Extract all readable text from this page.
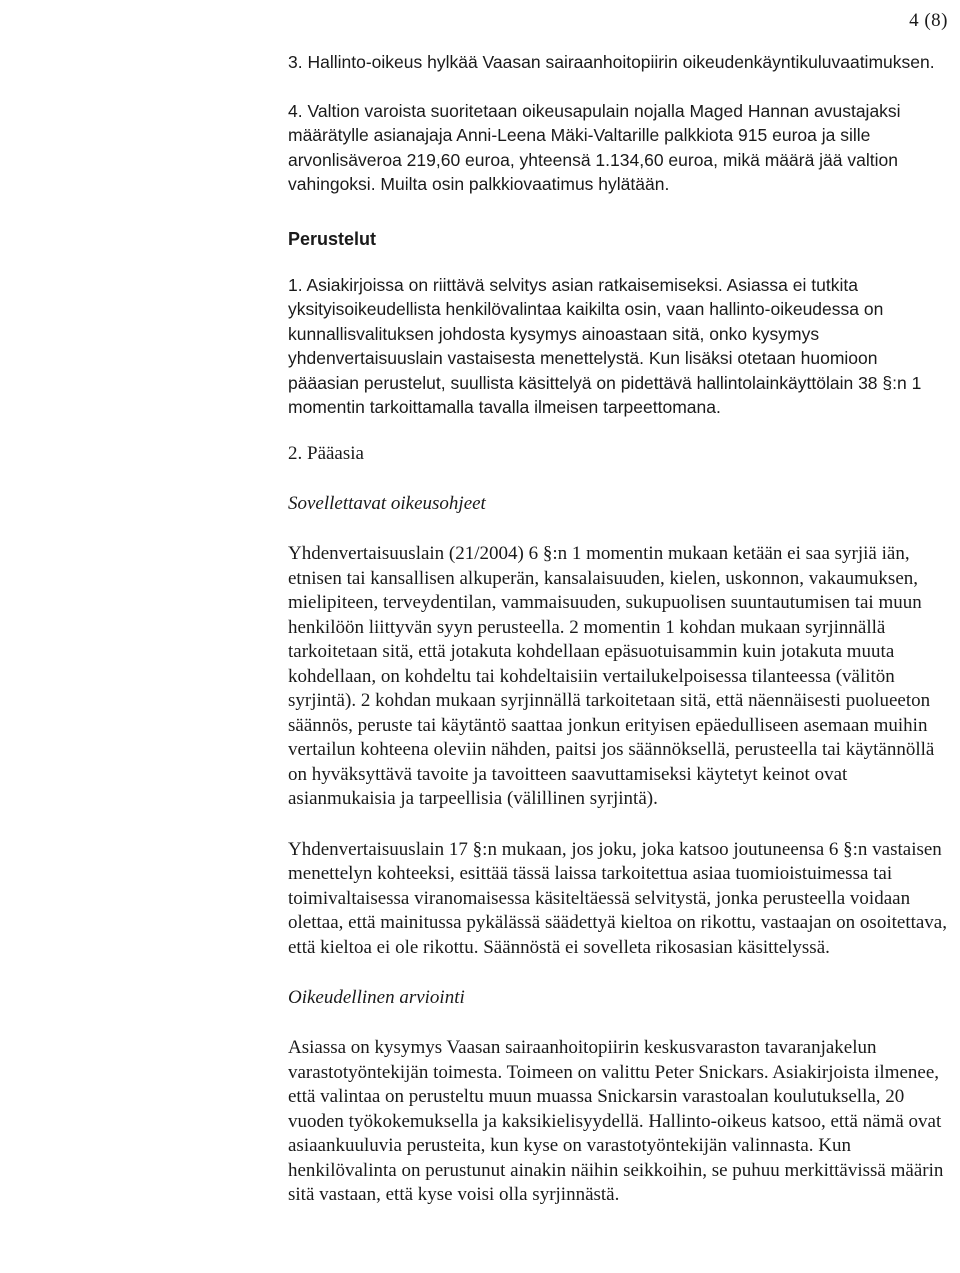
4 (8)

3. Hallinto-oikeus hylkää Vaasan sairaanhoitopiirin oikeudenkäyntikuluvaatimuksen.

4. Valtion varoista suoritetaan oikeusapulain nojalla Maged Hannan avustajaksi määrätylle asianajaja Anni-Leena Mäki-Valtarille palkkiota 915 euroa ja sille arvonlisäveroa 219,60 euroa, yhteensä 1.134,60 euroa, mikä määrä jää valtion vahingoksi. Muilta osin palkkiovaatimus hylätään.

Perustelut

1. Asiakirjoissa on riittävä selvitys asian ratkaisemiseksi. Asiassa ei tutkita yksityisoikeudellista henkilövalintaa kaikilta osin, vaan hallinto-oikeudessa on kunnallisvalituksen johdosta kysymys ainoastaan sitä, onko kysymys yhdenvertaisuuslain vastaisesta menettelystä. Kun lisäksi otetaan huomioon pääasian perustelut, suullista käsittelyä on pidettävä hallintolainkäyttölain 38 §:n 1 momentin tarkoittamalla tavalla ilmeisen tarpeettomana.

2. Pääasia

Sovellettavat oikeusohjeet

Yhdenvertaisuuslain (21/2004) 6 §:n 1 momentin mukaan ketään ei saa syrjiä iän, etnisen tai kansallisen alkuperän, kansalaisuuden, kielen, uskonnon, vakaumuksen, mielipiteen, terveydentilan, vammaisuuden, sukupuolisen suuntautumisen tai muun henkilöön liittyvän syyn perusteella. 2 momentin 1 kohdan mukaan syrjinnällä tarkoitetaan sitä, että jotakuta kohdellaan epäsuotuisammin kuin jotakuta muuta kohdellaan, on kohdeltu tai kohdeltaisiin vertailukelpoisessa tilanteessa (välitön syrjintä). 2 kohdan mukaan syrjinnällä tarkoitetaan sitä, että näennäisesti puolueeton säännös, peruste tai käytäntö saattaa jonkun erityisen epäedulliseen asemaan muihin vertailun kohteena oleviin nähden, paitsi jos säännöksellä, perusteella tai käytännöllä on hyväksyttävä tavoite ja tavoitteen saavuttamiseksi käytetyt keinot ovat asianmukaisia ja tarpeellisia (välillinen syrjintä).

Yhdenvertaisuuslain 17 §:n mukaan, jos joku, joka katsoo joutuneensa 6 §:n vastaisen menettelyn kohteeksi, esittää tässä laissa tarkoitettua asiaa tuomioistuimessa tai toimivaltaisessa viranomaisessa käsiteltäessä selvitystä, jonka perusteella voidaan olettaa, että mainitussa pykälässä säädettyä kieltoa on rikottu, vastaajan on osoitettava, että kieltoa ei ole rikottu. Säännöstä ei sovelleta rikosasian käsittelyssä.

Oikeudellinen arviointi

Asiassa on kysymys Vaasan sairaanhoitopiirin keskusvaraston tavaranjakelun varastotyöntekijän toimesta. Toimeen on valittu Peter Snickars. Asiakirjoista ilmenee, että valintaa on perusteltu muun muassa Snickarsin varastoalan koulutuksella, 20 vuoden työkokemuksella ja kaksikielisyydellä. Hallinto-oikeus katsoo, että nämä ovat asiaankuuluvia perusteita, kun kyse on varastotyöntekijän valinnasta. Kun henkilövalinta on perustunut ainakin näihin seikkoihin, se puhuu merkittävissä määrin sitä vastaan, että kyse voisi olla syrjinnästä.
